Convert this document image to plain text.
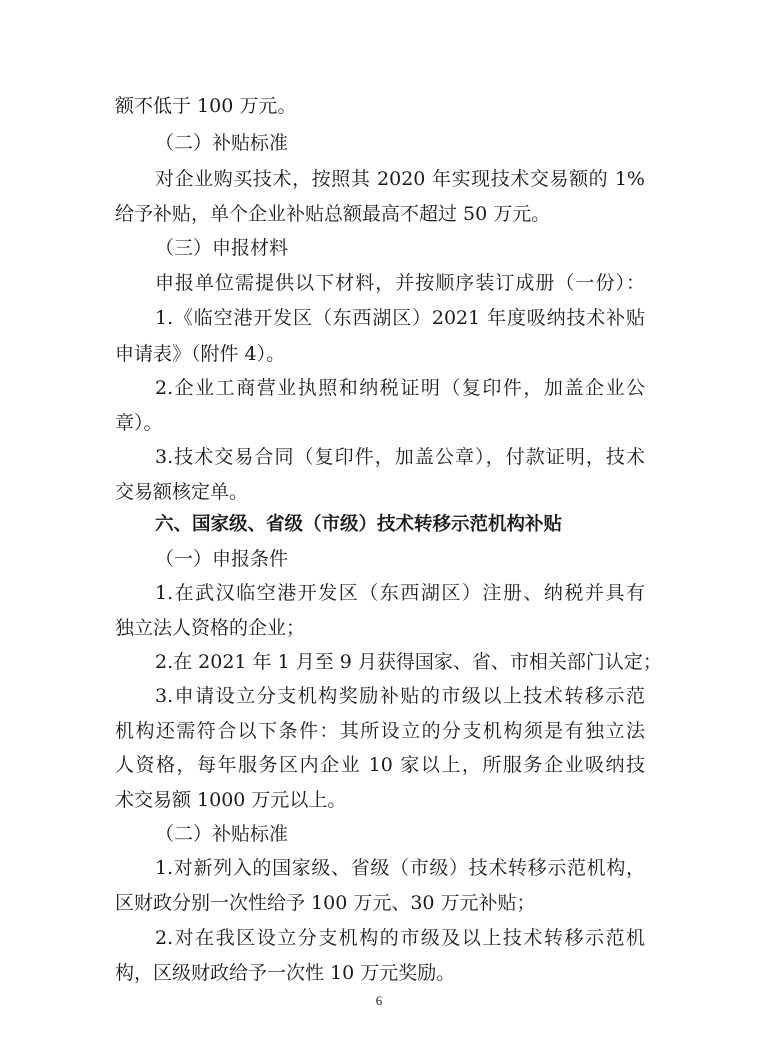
额不低于 100 万元。
（二）补贴标准
对企业购买技术，按照其 2020 年实现技术交易额的 1%
给予补贴，单个企业补贴总额最高不超过 50 万元。
（三）申报材料
申报单位需提供以下材料，并按顺序装订成册（一份）：
1.《临空港开发区（东西湖区）2021 年度吸纳技术补贴
申请表》（附件 4）。
2.企业工商营业执照和纳税证明（复印件，加盖企业公
章）。
3.技术交易合同（复印件，加盖公章），付款证明，技术
交易额核定单。
六、国家级、省级（市级）技术转移示范机构补贴
（一）申报条件
1.在武汉临空港开发区（东西湖区）注册、纳税并具有
独立法人资格的企业；
2.在 2021 年 1 月至 9 月获得国家、省、市相关部门认定；
3.申请设立分支机构奖励补贴的市级以上技术转移示范
机构还需符合以下条件：其所设立的分支机构须是有独立法
人资格，每年服务区内企业 10 家以上，所服务企业吸纳技
术交易额 1000 万元以上。
（二）补贴标准
1.对新列入的国家级、省级（市级）技术转移示范机构，
区财政分别一次性给予 100 万元、30 万元补贴；
2.对在我区设立分支机构的市级及以上技术转移示范机
构，区级财政给予一次性 10 万元奖励。
6
